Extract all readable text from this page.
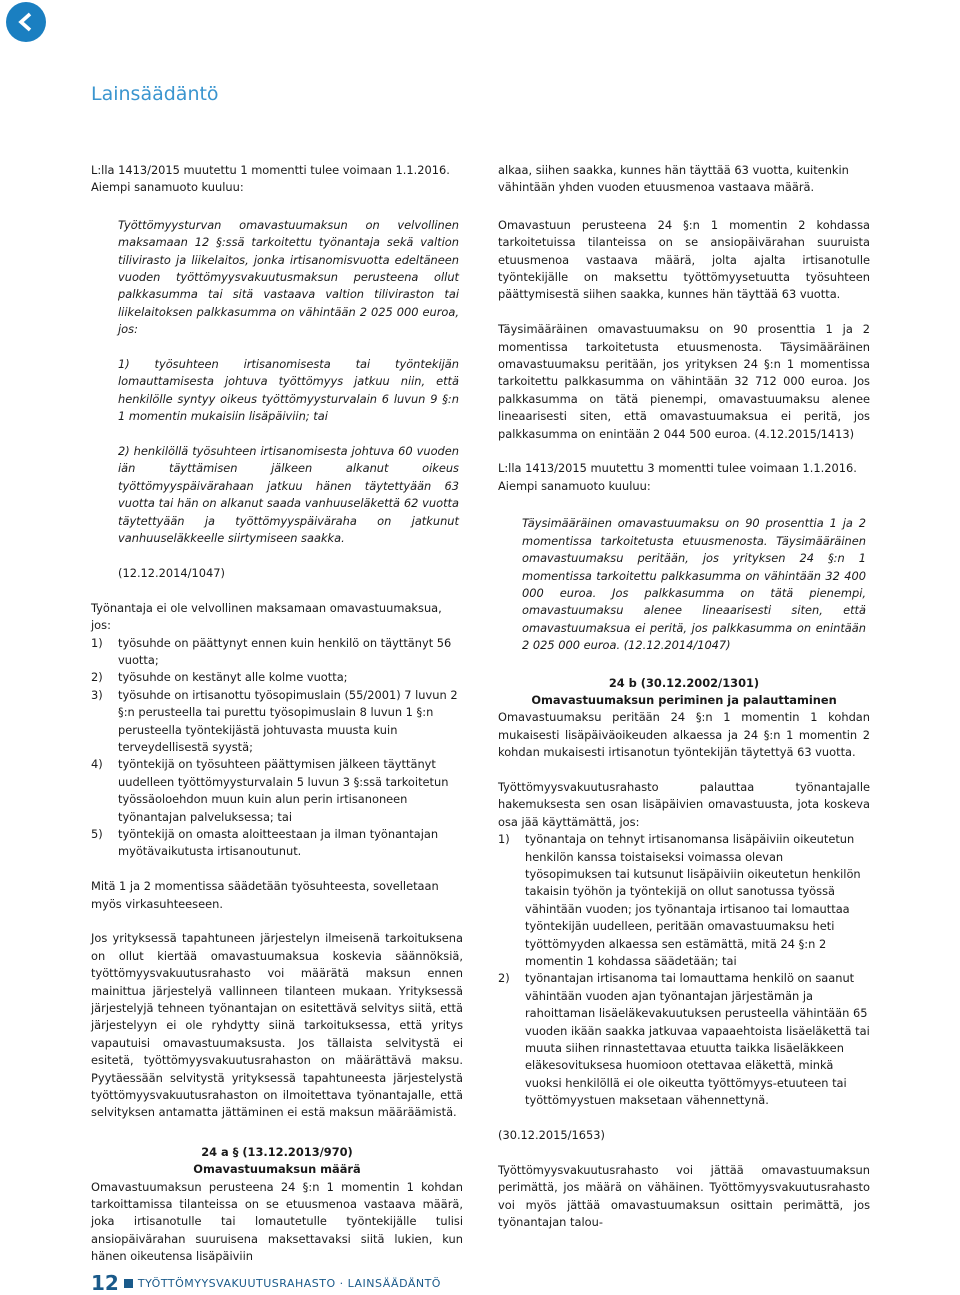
Lainsäädäntö

L:lla 1413/2015 muutettu 1 momentti tulee voimaan 1.1.2016.
Aiempi sanamuoto kuuluu:

Työttömyysturvan omavastuumaksun on velvollinen maksamaan 12 §:ssä tarkoitettu työnantaja sekä valtion tilivirasto ja liikelaitos, jonka irtisanomisvuotta edeltäneen vuoden työttömyysvakuutusmaksun perusteena ollut palkkasumma tai sitä vastaava valtion tiliviraston tai liikelaitoksen palkkasumma on vähintään 2 025 000 euroa, jos:

1) työsuhteen irtisanomisesta tai työntekijän lomauttamisesta johtuva työttömyys jatkuu niin, että henkilölle syntyy oikeus työttömyysturvalain 6 luvun 9 §:n 1 momentin mukaisiin lisäpäiviin; tai

2) henkilöllä työsuhteen irtisanomisesta johtuva 60 vuoden iän täyttämisen jälkeen alkanut oikeus työttömyyspäivärahaan jatkuu hänen täytettyään 63 vuotta tai hän on alkanut saada vanhuuseläkettä 62 vuotta täytettyään ja työttömyyspäiväraha on jatkunut vanhuuseläkkeelle siirtymiseen saakka.

(12.12.2014/1047)

Työnantaja ei ole velvollinen maksamaan omavastuumaksua, jos:

1) työsuhde on päättynyt ennen kuin henkilö on täyttänyt 56 vuotta;
2) työsuhde on kestänyt alle kolme vuotta;
3) työsuhde on irtisanottu työsopimuslain (55/2001) 7 luvun 2 §:n perusteella tai purettu työsopimuslain 8 luvun 1 §:n perusteella työntekijästä johtuvasta muusta kuin terveydellisestä syystä;
4) työntekijä on työsuhteen päättymisen jälkeen täyttänyt uudelleen työttömyysturvalain 5 luvun 3 §:ssä tarkoitetun työssäoloehdon muun kuin alun perin irtisanoneen työnantajan palveluksessa; tai
5) työntekijä on omasta aloitteestaan ja ilman työnantajan myötävaikutusta irtisanoutunut.

Mitä 1 ja 2 momentissa säädetään työsuhteesta, sovelletaan myös virkasuhteeseen.

Jos yrityksessä tapahtuneen järjestelyn ilmeisenä tarkoituksena on ollut kiertää omavastuumaksua koskevia säännöksiä, työttömyysvakuutusrahasto voi määrätä maksun ennen mainittua järjestelyä vallinneen tilanteen mukaan. Yrityksessä järjestelyjä tehneen työnantajan on esitettävä selvitys siitä, että järjestelyyn ei ole ryhdytty siinä tarkoituksessa, että yritys vapautuisi omavastuumaksusta. Jos tällaista selvitystä ei esitetä, työttömyysvakuutusrahaston on määrättävä maksu. Pyytäessään selvitystä yrityksessä tapahtuneesta järjestelystä työttömyysvakuutusrahaston on ilmoitettava työnantajalle, että selvityksen antamatta jättäminen ei estä maksun määräämistä.

24 a § (13.12.2013/970)
Omavastuumaksun määrä

Omavastuumaksun perusteena 24 §:n 1 momentin 1 kohdan tarkoittamissa tilanteissa on se etuusmenoa vastaava määrä, joka irtisanotulle tai lomautetulle työntekijälle tulisi ansiopäivärahan suuruisena maksettavaksi siitä lukien, kun hänen oikeutensa lisäpäiviin

alkaa, siihen saakka, kunnes hän täyttää 63 vuotta, kuitenkin vähintään yhden vuoden etuusmenoa vastaava määrä.

Omavastuun perusteena 24 §:n 1 momentin 2 kohdassa tarkoitetuissa tilanteissa on se ansiopäivärahan suuruista etuusmenoa vastaava määrä, jolta ajalta irtisanotulle työntekijälle on maksettu työttömyysetuutta työsuhteen päättymisestä siihen saakka, kunnes hän täyttää 63 vuotta.

Täysimääräinen omavastuumaksu on 90 prosenttia 1 ja 2 momentissa tarkoitetusta etuusmenosta. Täysimääräinen omavastuumaksu peritään, jos yrityksen 24 §:n 1 momentissa tarkoitettu palkkasumma on vähintään 32 712 000 euroa. Jos palkkasumma on tätä pienempi, omavastuumaksu alenee lineaarisesti siten, että omavastuumaksua ei peritä, jos palkkasumma on enintään 2 044 500 euroa. (4.12.2015/1413)

L:lla 1413/2015 muutettu 3 momentti tulee voimaan 1.1.2016.
Aiempi sanamuoto kuuluu:

Täysimääräinen omavastuumaksu on 90 prosenttia 1 ja 2 momentissa tarkoitetusta etuusmenosta. Täysimääräinen omavastuumaksu peritään, jos yrityksen 24 §:n 1 momentissa tarkoitettu palkkasumma on vähintään 32 400 000 euroa. Jos palkkasumma on tätä pienempi, omavastuumaksu alenee lineaarisesti siten, että omavastuumaksua ei peritä, jos palkkasumma on enintään 2 025 000 euroa. (12.12.2014/1047)

24 b (30.12.2002/1301)
Omavastuumaksun periminen ja palauttaminen

Omavastuumaksu peritään 24 §:n 1 momentin 1 kohdan mukaisesti lisäpäiväoikeuden alkaessa ja 24 §:n 1 momentin 2 kohdan mukaisesti irtisanotun työntekijän täytettyä 63 vuotta.

Työttömyysvakuutusrahasto palauttaa työnantajalle hakemuksesta sen osan lisäpäivien omavastuusta, jota koskeva osa jää käyttämättä, jos:

1) työnantaja on tehnyt irtisanomansa lisäpäiviin oikeutetun henkilön kanssa toistaiseksi voimassa olevan työsopimuksen tai kutsunut lisäpäiviin oikeutetun henkilön takaisin työhön ja työntekijä on ollut sanotussa työssä vähintään vuoden; jos työnantaja irtisanoo tai lomauttaa työntekijän uudelleen, peritään omavastuumaksu heti työttömyyden alkaessa sen estämättä, mitä 24 §:n 2 momentin 1 kohdassa säädetään; tai
2) työnantajan irtisanoma tai lomauttama henkilö on saanut vähintään vuoden ajan työnantajan järjestämän ja rahoittaman lisäeläkevakuutuksen perusteella vähintään 65 vuoden ikään saakka jatkuvaa vapaaehtoista lisäeläkettä tai muuta siihen rinnastettavaa etuutta taikka lisäeläkkeen eläkesovituksesa huomioon otettavaa eläkettä, minkä vuoksi henkilöllä ei ole oikeutta työttömyys-etuuteen tai työttömyystuen maksetaan vähennettynä.

(30.12.2015/1653)

Työttömyysvakuutusrahasto voi jättää omavastuumaksun perimättä, jos määrä on vähäinen. Työttömyysvakuutusrahasto voi myös jättää omavastuumaksun osittain perimättä, jos työnantajan talou-

12 TYÖTTÖMYYSVAKUUTUSRAHASTO · LAINSÄÄDÄNTÖ
